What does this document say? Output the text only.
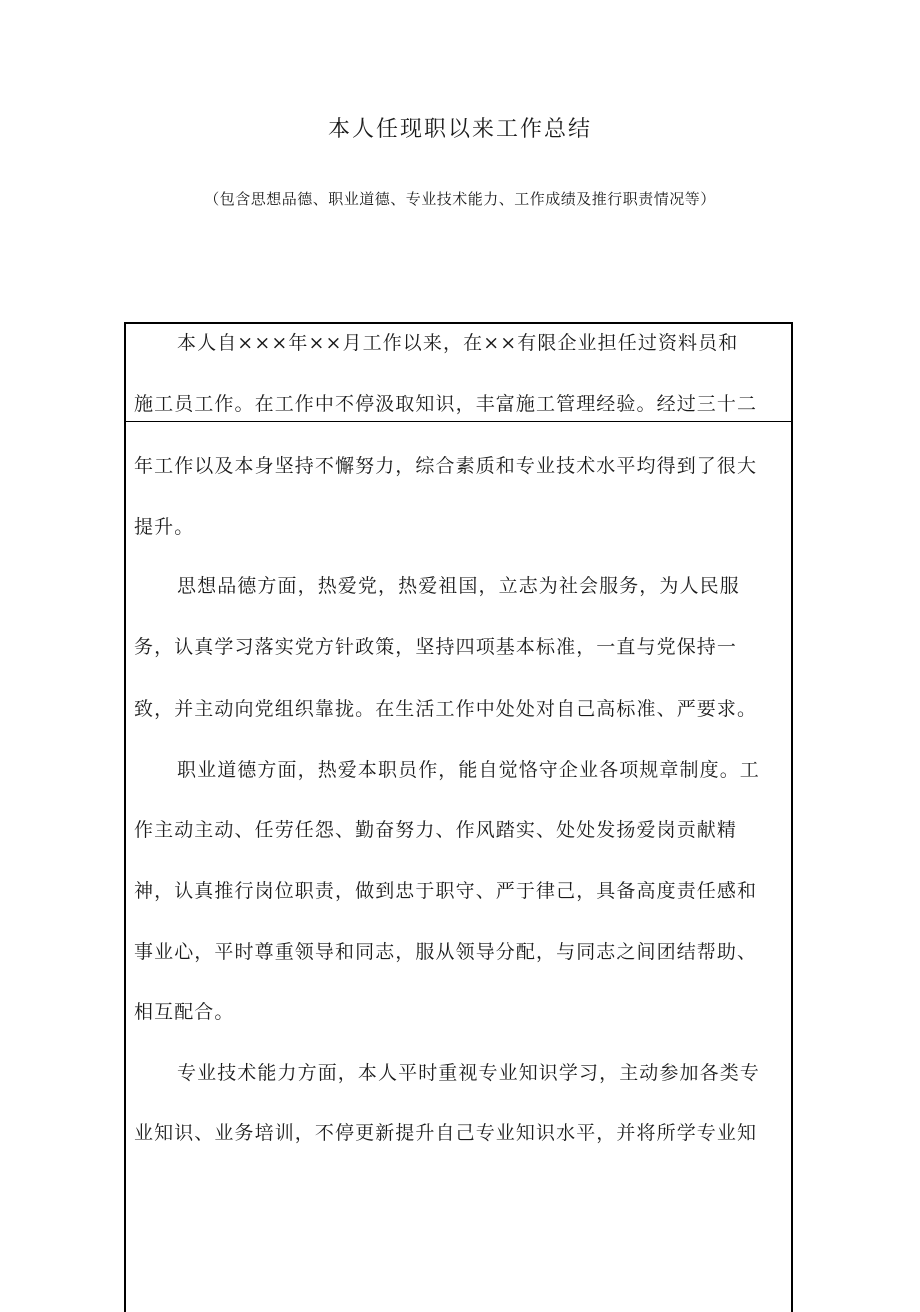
本人任现职以来工作总结
（包含思想品德、职业道德、专业技术能力、工作成绩及推行职责情况等）
本人自×××年××月工作以来，在××有限企业担任过资料员和
施工员工作。在工作中不停汲取知识，丰富施工管理经验。经过三十二
年工作以及本身坚持不懈努力，综合素质和专业技术水平均得到了很大
提升。
思想品德方面，热爱党，热爱祖国，立志为社会服务，为人民服
务，认真学习落实党方针政策，坚持四项基本标准，一直与党保持一
致，并主动向党组织靠拢。在生活工作中处处对自己高标准、严要求。
职业道德方面，热爱本职员作，能自觉恪守企业各项规章制度。工
作主动主动、任劳任怨、勤奋努力、作风踏实、处处发扬爱岗贡献精
神，认真推行岗位职责，做到忠于职守、严于律己，具备高度责任感和
事业心，平时尊重领导和同志，服从领导分配，与同志之间团结帮助、
相互配合。
专业技术能力方面，本人平时重视专业知识学习，主动参加各类专
业知识、业务培训，不停更新提升自己专业知识水平，并将所学专业知
